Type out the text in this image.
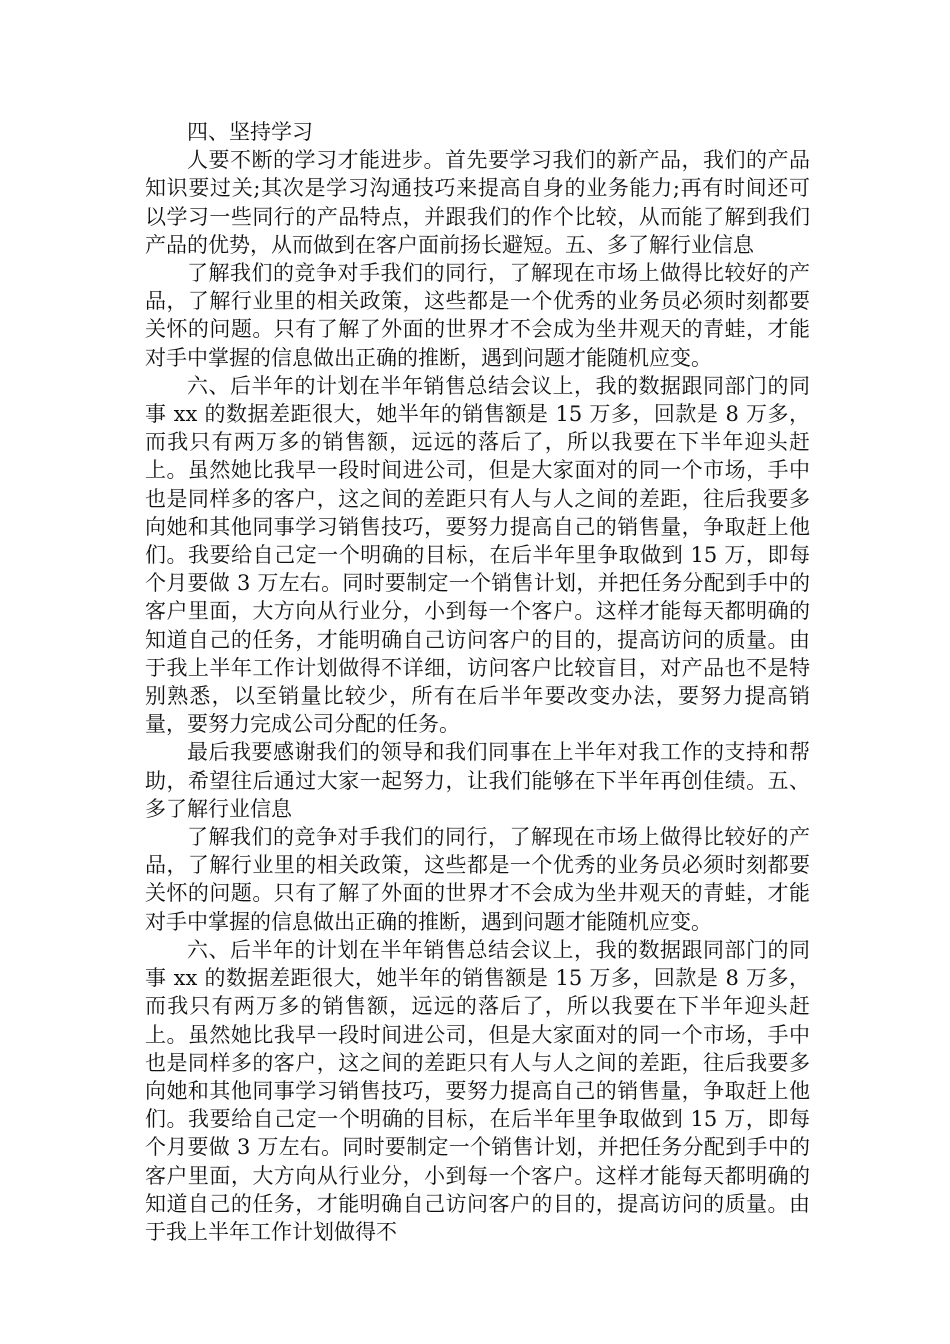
四、坚持学习

人要不断的学习才能进步。首先要学习我们的新产品，我们的产品知识要过关;其次是学习沟通技巧来提高自身的业务能力;再有时间还可以学习一些同行的产品特点，并跟我们的作个比较，从而能了解到我们产品的优势，从而做到在客户面前扬长避短。五、多了解行业信息

了解我们的竞争对手我们的同行，了解现在市场上做得比较好的产品，了解行业里的相关政策，这些都是一个优秀的业务员必须时刻都要关怀的问题。只有了解了外面的世界才不会成为坐井观天的青蛙，才能对手中掌握的信息做出正确的推断，遇到问题才能随机应变。

六、后半年的计划在半年销售总结会议上，我的数据跟同部门的同事 xx 的数据差距很大，她半年的销售额是 15 万多，回款是 8 万多，而我只有两万多的销售额，远远的落后了，所以我要在下半年迎头赶上。虽然她比我早一段时间进公司，但是大家面对的同一个市场，手中也是同样多的客户，这之间的差距只有人与人之间的差距，往后我要多向她和其他同事学习销售技巧，要努力提高自己的销售量，争取赶上他们。我要给自己定一个明确的目标，在后半年里争取做到 15 万，即每个月要做 3 万左右。同时要制定一个销售计划，并把任务分配到手中的客户里面，大方向从行业分，小到每一个客户。这样才能每天都明确的知道自己的任务，才能明确自己访问客户的目的，提高访问的质量。由于我上半年工作计划做得不详细，访问客户比较盲目，对产品也不是特别熟悉，以至销量比较少，所有在后半年要改变办法，要努力提高销量，要努力完成公司分配的任务。

最后我要感谢我们的领导和我们同事在上半年对我工作的支持和帮助，希望往后通过大家一起努力，让我们能够在下半年再创佳绩。五、多了解行业信息

了解我们的竞争对手我们的同行，了解现在市场上做得比较好的产品，了解行业里的相关政策，这些都是一个优秀的业务员必须时刻都要关怀的问题。只有了解了外面的世界才不会成为坐井观天的青蛙，才能对手中掌握的信息做出正确的推断，遇到问题才能随机应变。

六、后半年的计划在半年销售总结会议上，我的数据跟同部门的同事 xx 的数据差距很大，她半年的销售额是 15 万多，回款是 8 万多，而我只有两万多的销售额，远远的落后了，所以我要在下半年迎头赶上。虽然她比我早一段时间进公司，但是大家面对的同一个市场，手中也是同样多的客户，这之间的差距只有人与人之间的差距，往后我要多向她和其他同事学习销售技巧，要努力提高自己的销售量，争取赶上他们。我要给自己定一个明确的目标，在后半年里争取做到 15 万，即每个月要做 3 万左右。同时要制定一个销售计划，并把任务分配到手中的客户里面，大方向从行业分，小到每一个客户。这样才能每天都明确的知道自己的任务，才能明确自己访问客户的目的，提高访问的质量。由于我上半年工作计划做得不
